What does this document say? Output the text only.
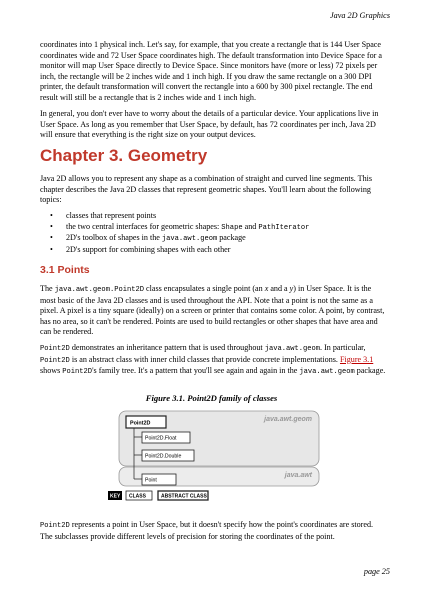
Java 2D Graphics

coordinates into 1 physical inch. Let's say, for example, that you create a rectangle that is 144 User Space coordinates wide and 72 User Space coordinates high. The default transformation into Device Space for a monitor will map User Space directly to Device Space. Since monitors have (more or less) 72 pixels per inch, the rectangle will be 2 inches wide and 1 inch high. If you draw the same rectangle on a 300 DPI printer, the default transformation will convert the rectangle into a 600 by 300 pixel rectangle. The end result will still be a rectangle that is 2 inches wide and 1 inch high.

In general, you don't ever have to worry about the details of a particular device. Your applications live in User Space. As long as you remember that User Space, by default, has 72 coordinates per inch, Java 2D will ensure that everything is the right size on your output devices.

Chapter 3. Geometry

Java 2D allows you to represent any shape as a combination of straight and curved line segments. This chapter describes the Java 2D classes that represent geometric shapes. You'll learn about the following topics:

• classes that represent points
• the two central interfaces for geometric shapes: Shape and PathIterator
• 2D's toolbox of shapes in the java.awt.geom package
• 2D's support for combining shapes with each other
3.1 Points

The java.awt.geom.Point2D class encapsulates a single point (an x and a y) in User Space. It is the most basic of the Java 2D classes and is used throughout the API. Note that a point is not the same as a pixel. A pixel is a tiny square (ideally) on a screen or printer that contains some color. A point, by contrast, has no area, so it can't be rendered. Points are used to build rectangles or other shapes that have area and can be rendered.

Point2D demonstrates an inheritance pattern that is used throughout java.awt.geom. In particular, Point2D is an abstract class with inner child classes that provide concrete implementations. Figure 3.1 shows Point2D's family tree. It's a pattern that you'll see again and again in the java.awt.geom package.

Figure 3.1. Point2D family of classes

java.awt.geom
java.awt
Point2D
Point2D.Float
Point2D.Double
Point
KEY CLASS	ABSTRACT CLASS

Point2D represents a point in User Space, but it doesn't specify how the point's coordinates are stored. The subclasses provide different levels of precision for storing the coordinates of the point.

page 25
